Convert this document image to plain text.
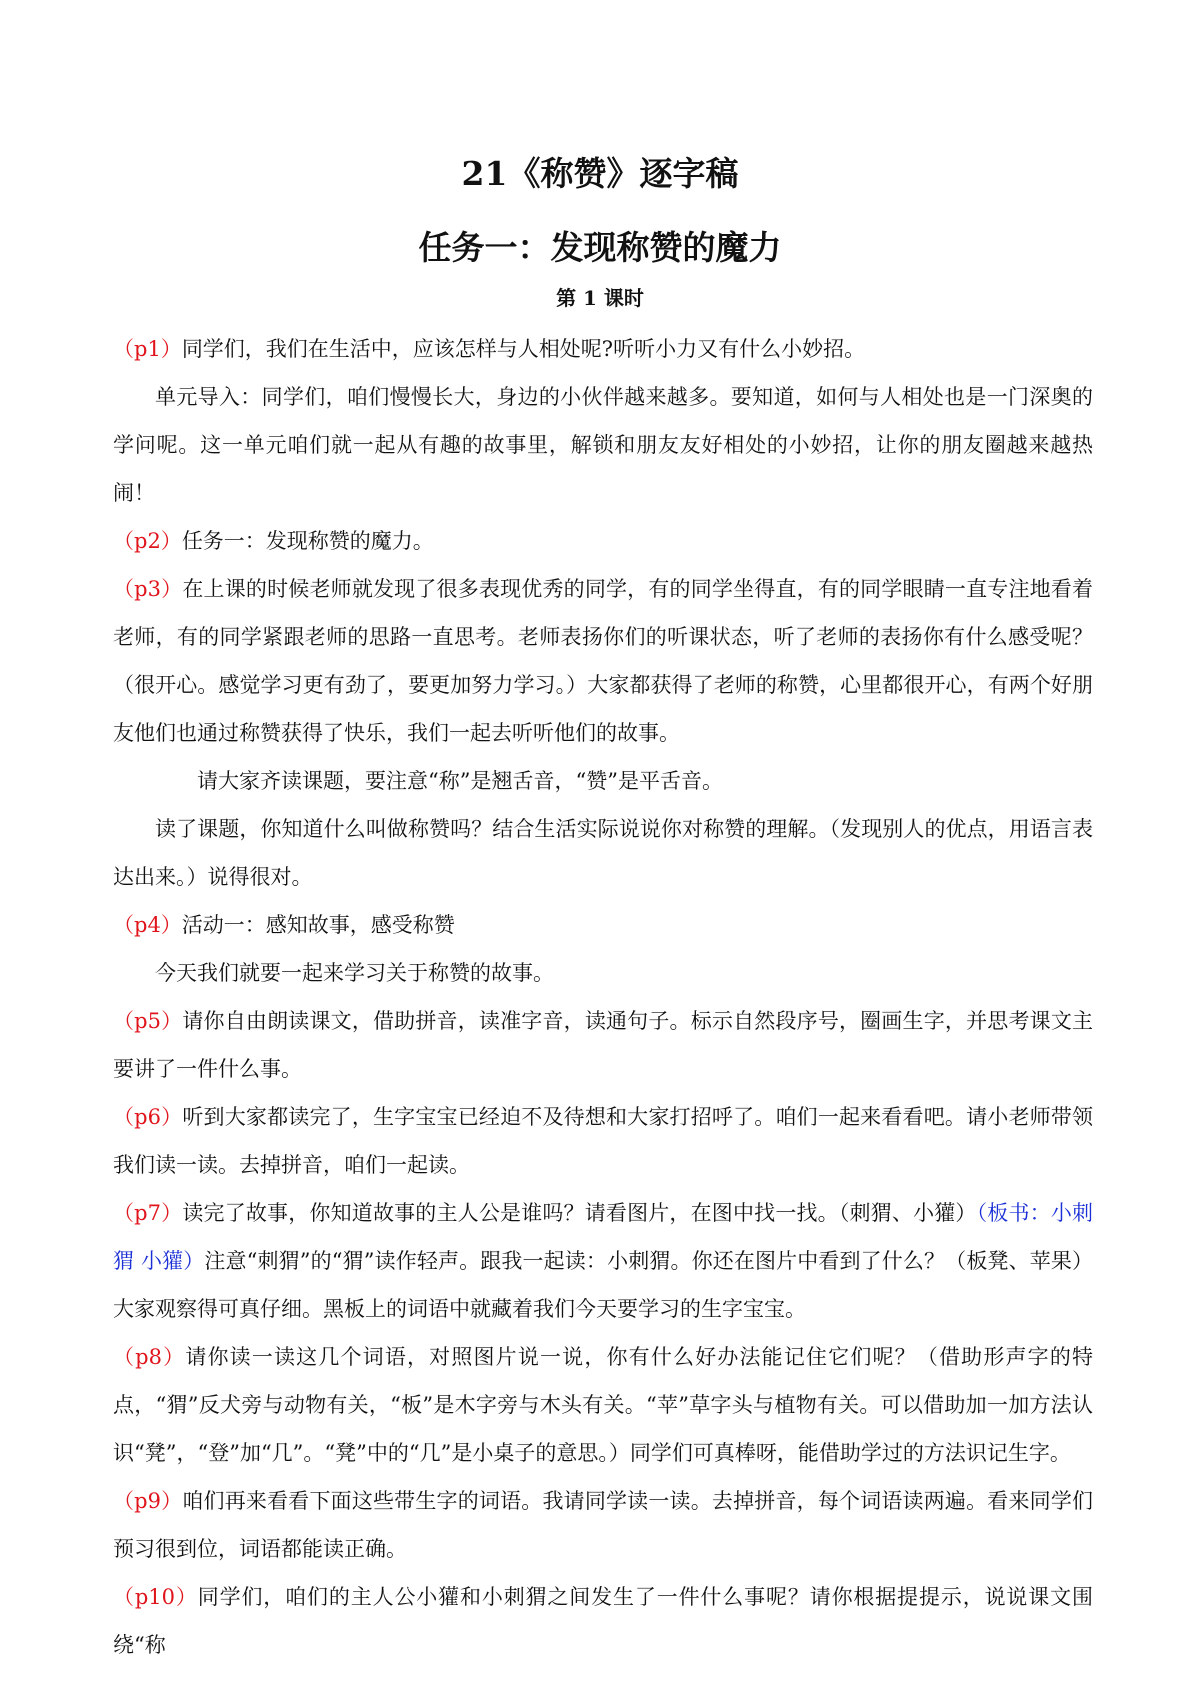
21《称赞》逐字稿
任务一：发现称赞的魔力
第 1 课时

（p1）同学们，我们在生活中，应该怎样与人相处呢?听听小力又有什么小妙招。

单元导入：同学们，咱们慢慢长大，身边的小伙伴越来越多。要知道，如何与人相处也是一门深奥的学问呢。这一单元咱们就一起从有趣的故事里，解锁和朋友友好相处的小妙招，让你的朋友圈越来越热闹！

（p2）任务一：发现称赞的魔力。

（p3）在上课的时候老师就发现了很多表现优秀的同学，有的同学坐得直，有的同学眼睛一直专注地看着老师，有的同学紧跟老师的思路一直思考。老师表扬你们的听课状态，听了老师的表扬你有什么感受呢？（很开心。感觉学习更有劲了，要更加努力学习。）大家都获得了老师的称赞，心里都很开心，有两个好朋友他们也通过称赞获得了快乐，我们一起去听听他们的故事。

请大家齐读课题，要注意“称”是翘舌音，“赞”是平舌音。

读了课题，你知道什么叫做称赞吗？结合生活实际说说你对称赞的理解。（发现别人的优点，用语言表达出来。）说得很对。

（p4）活动一：感知故事，感受称赞

今天我们就要一起来学习关于称赞的故事。

（p5）请你自由朗读课文，借助拼音，读准字音，读通句子。标示自然段序号，圈画生字，并思考课文主要讲了一件什么事。

（p6）听到大家都读完了，生字宝宝已经迫不及待想和大家打招呼了。咱们一起来看看吧。请小老师带领我们读一读。去掉拼音，咱们一起读。

（p7）读完了故事，你知道故事的主人公是谁吗？请看图片，在图中找一找。（刺猬、小獾）（板书：小刺猬 小獾）注意“刺猬”的“猬”读作轻声。跟我一起读：小刺猬。你还在图片中看到了什么？（板凳、苹果）大家观察得可真仔细。黑板上的词语中就藏着我们今天要学习的生字宝宝。

（p8）请你读一读这几个词语，对照图片说一说，你有什么好办法能记住它们呢？（借助形声字的特点，“猬”反犬旁与动物有关，“板”是木字旁与木头有关。“苹”草字头与植物有关。可以借助加一加方法认识“凳”，“登”加“几”。“凳”中的“几”是小桌子的意思。）同学们可真棒呀，能借助学过的方法识记生字。

（p9）咱们再来看看下面这些带生字的词语。我请同学读一读。去掉拼音，每个词语读两遍。看来同学们预习很到位，词语都能读正确。

（p10）同学们，咱们的主人公小獾和小刺猬之间发生了一件什么事呢？请你根据提提示，说说课文围绕“称
